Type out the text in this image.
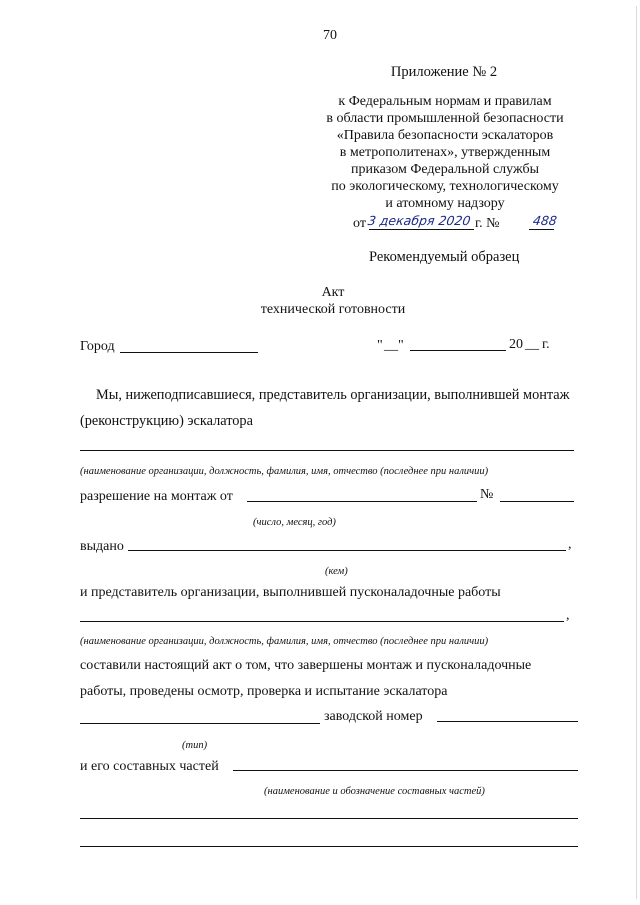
70
Приложение № 2
к Федеральным нормам и правилам
в области промышленной безопасности
«Правила безопасности эскалаторов
в метрополитенах», утвержденным
приказом Федеральной службы
по экологическому, технологическому
и атомному надзору
от 3 декабря 2020 г. №	488
Рекомендуемый образец
Акт
технической готовности
Город	" __ "	20 __ г.
Мы, нижеподписавшиеся, представитель организации, выполнившей монтаж
(реконструкцию) эскалатора
(наименование организации, должность, фамилия, имя, отчество (последнее при наличии)
разрешение на монтаж от	№
(число, месяц, год)
выдано	,
(кем)
и представитель организации, выполнившей пусконаладочные работы
,
(наименование организации, должность, фамилия, имя, отчество (последнее при наличии)
составили настоящий акт о том, что завершены монтаж и пусконаладочные
работы, проведены осмотр, проверка и испытание эскалатора
заводской номер
(тип)
и его составных частей
(наименование и обозначение составных частей)
